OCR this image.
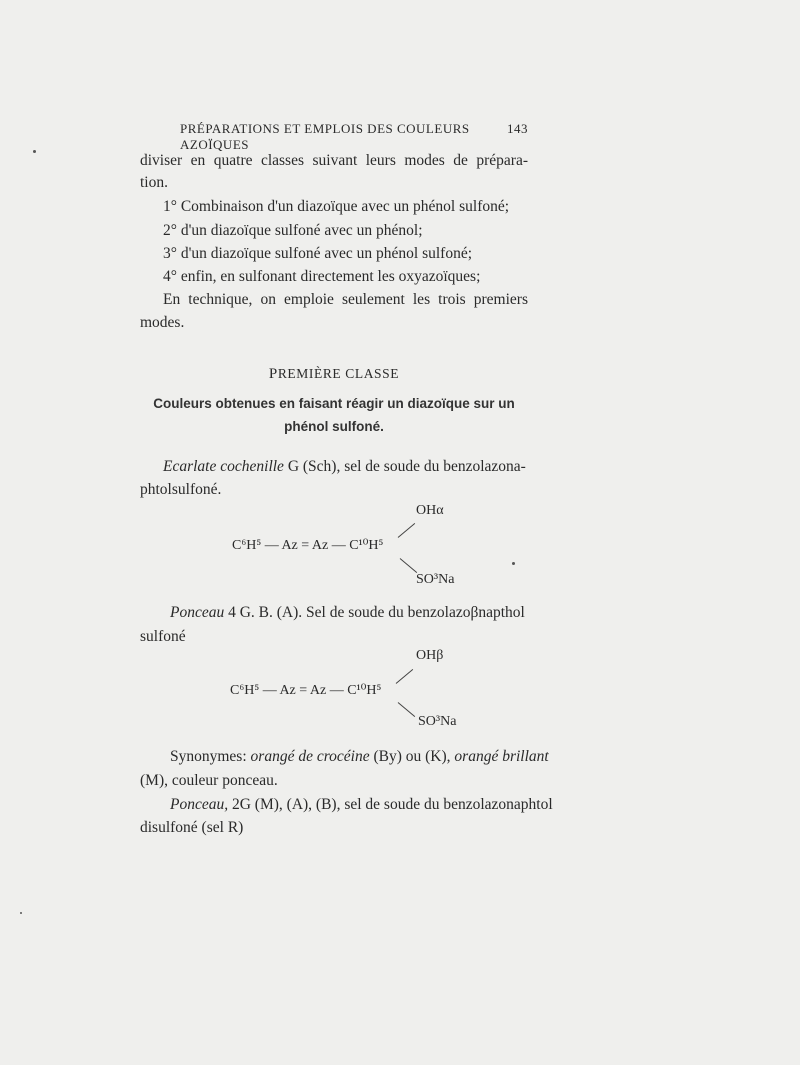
PRÉPARATIONS ET EMPLOIS DES COULEURS AZOÏQUES
143
diviser en quatre classes suivant leurs modes de prépara-
tion.
1° Combinaison d'un diazoïque avec un phénol sulfoné;
2° d'un diazoïque sulfoné avec un phénol;
3° d'un diazoïque sulfoné avec un phénol sulfoné;
4° enfin, en sulfonant directement les oxyazoïques;
En technique, on emploie seulement les trois premiers
modes.
PREMIÈRE CLASSE
Couleurs obtenues en faisant réagir un diazoïque sur un
phénol sulfoné.
Ecarlate cochenille G (Sch), sel de soude du benzolazona-
phtolsulfoné.
OHα
C⁶H⁵ — Az = Az — C¹⁰H⁵
SO³Na
Ponceau 4 G. B. (A). Sel de soude du benzolazoβnapthol
sulfoné
OHβ
C⁶H⁵ — Az = Az — C¹⁰H⁵
SO³Na
Synonymes: orangé de crocéine (By) ou (K), orangé brillant
(M), couleur ponceau.
Ponceau, 2G (M), (A), (B), sel de soude du benzolazonaphtol
disulfoné (sel R)
